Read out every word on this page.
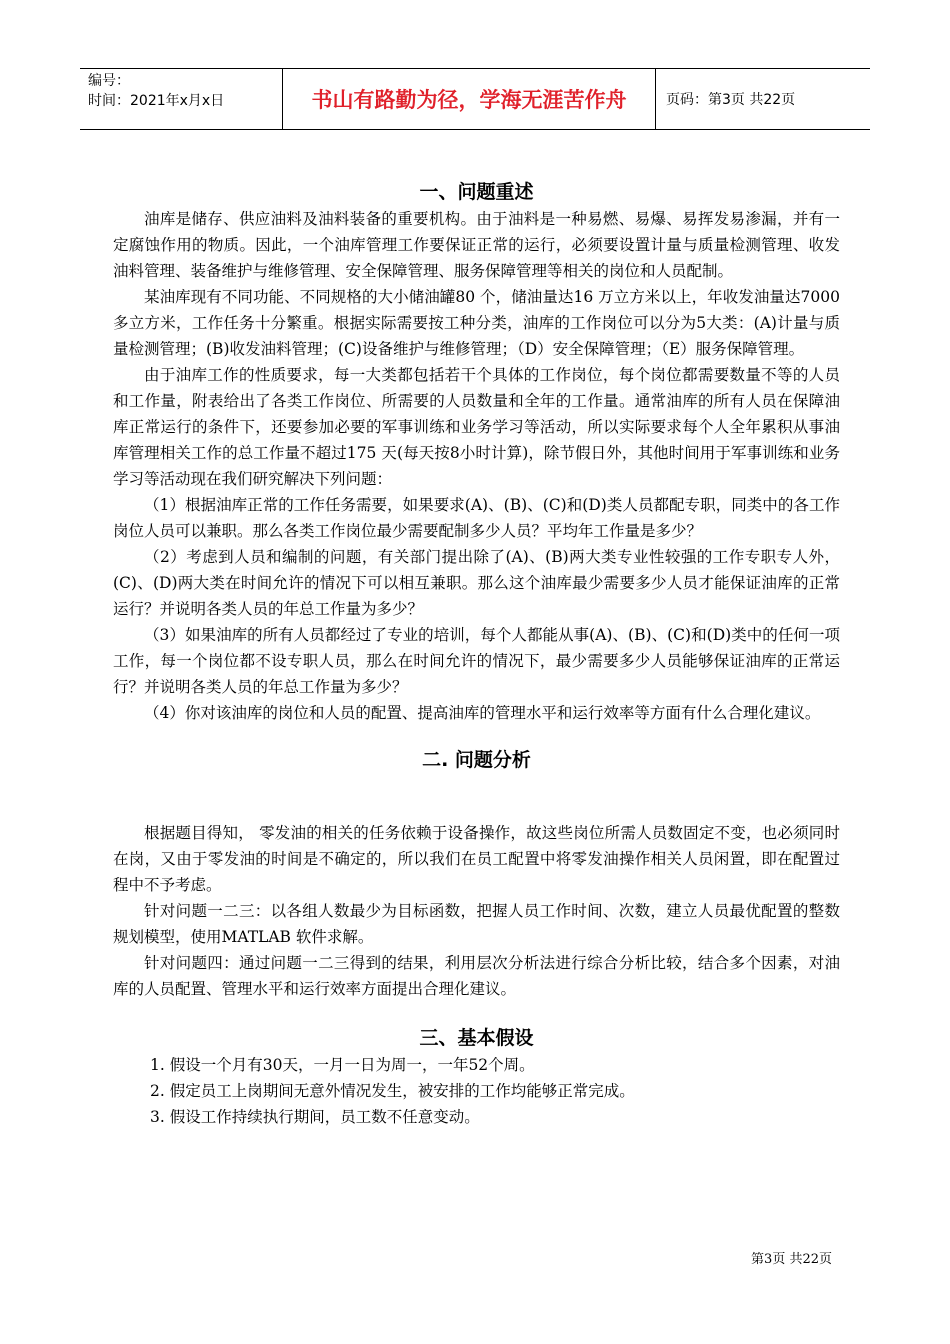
编号：
时间：2021年x月x日	书山有路勤为径，学海无涯苦作舟	页码：第3页 共22页
一、问题重述

油库是储存、供应油料及油料装备的重要机构。由于油料是一种易燃、易爆、易挥发易渗漏，并有一定腐蚀作用的物质。因此，一个油库管理工作要保证正常的运行，必须要设置计量与质量检测管理、收发油料管理、装备维护与维修管理、安全保障管理、服务保障管理等相关的岗位和人员配制。

某油库现有不同功能、不同规格的大小储油罐80 个，储油量达16 万立方米以上，年收发油量达7000 多立方米，工作任务十分繁重。根据实际需要按工种分类，油库的工作岗位可以分为5大类：(A)计量与质量检测管理；(B)收发油料管理；(C)设备维护与维修管理；（D）安全保障管理；（E）服务保障管理。

由于油库工作的性质要求，每一大类都包括若干个具体的工作岗位，每个岗位都需要数量不等的人员和工作量，附表给出了各类工作岗位、所需要的人员数量和全年的工作量。通常油库的所有人员在保障油库正常运行的条件下，还要参加必要的军事训练和业务学习等活动，所以实际要求每个人全年累积从事油库管理相关工作的总工作量不超过175 天(每天按8小时计算)，除节假日外，其他时间用于军事训练和业务学习等活动现在我们研究解决下列问题：

（1）根据油库正常的工作任务需要，如果要求(A)、(B)、(C)和(D)类人员都配专职，同类中的各工作岗位人员可以兼职。那么各类工作岗位最少需要配制多少人员？平均年工作量是多少？

（2）考虑到人员和编制的问题，有关部门提出除了(A)、(B)两大类专业性较强的工作专职专人外，(C)、(D)两大类在时间允许的情况下可以相互兼职。那么这个油库最少需要多少人员才能保证油库的正常运行？并说明各类人员的年总工作量为多少？

（3）如果油库的所有人员都经过了专业的培训，每个人都能从事(A)、(B)、(C)和(D)类中的任何一项工作，每一个岗位都不设专职人员，那么在时间允许的情况下，最少需要多少人员能够保证油库的正常运行？并说明各类人员的年总工作量为多少？

（4）你对该油库的岗位和人员的配置、提高油库的管理水平和运行效率等方面有什么合理化建议。

二. 问题分析

根据题目得知， 零发油的相关的任务依赖于设备操作，故这些岗位所需人员数固定不变，也必须同时在岗，又由于零发油的时间是不确定的，所以我们在员工配置中将零发油操作相关人员闲置，即在配置过程中不予考虑。

针对问题一二三：以各组人数最少为目标函数，把握人员工作时间、次数，建立人员最优配置的整数规划模型，使用MATLAB 软件求解。

针对问题四：通过问题一二三得到的结果，利用层次分析法进行综合分析比较，结合多个因素，对油库的人员配置、管理水平和运行效率方面提出合理化建议。

三、基本假设
1. 假设一个月有30天，一月一日为周一，一年52个周。
2. 假定员工上岗期间无意外情况发生，被安排的工作均能够正常完成。
3. 假设工作持续执行期间，员工数不任意变动。
第3页 共22页
